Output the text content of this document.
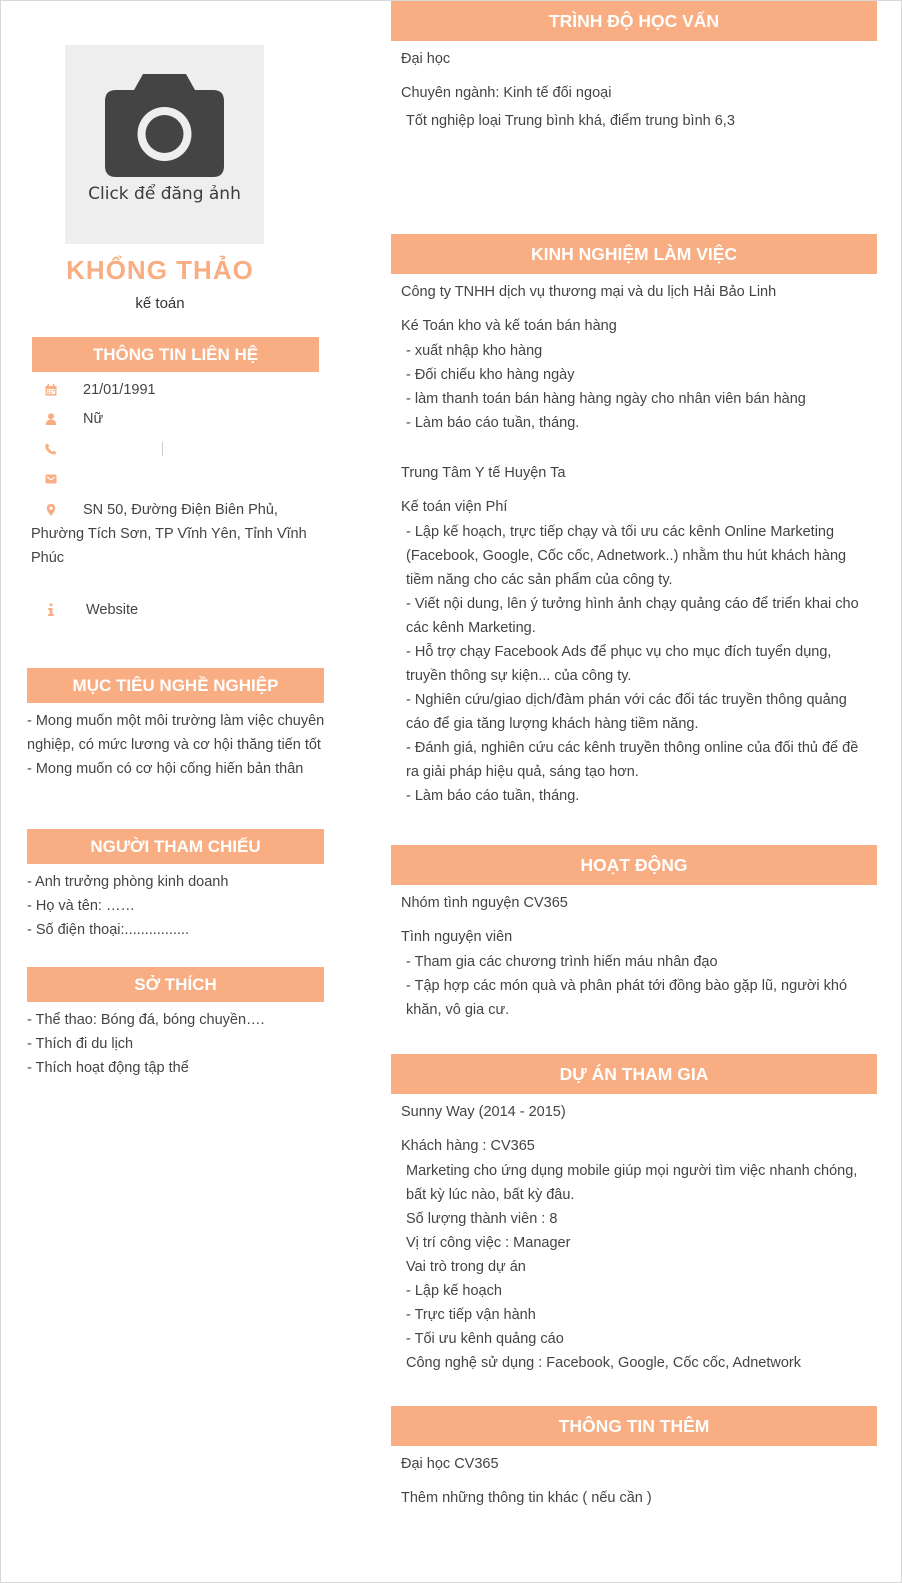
Click để đăng ảnh
KHỔNG THẢO
kế toán
THÔNG TIN LIÊN HỆ
21/01/1991
Nữ
SN 50, Đường Điện Biên Phủ, Phường Tích Sơn, TP Vĩnh Yên, Tỉnh Vĩnh Phúc
Website
MỤC TIÊU NGHỀ NGHIỆP
- Mong muốn một môi trường làm việc chuyên nghiệp, có mức lương và cơ hội thăng tiến tốt
- Mong muốn có cơ hội cống hiến bản thân
NGƯỜI THAM CHIẾU
- Anh trưởng phòng kinh doanh
- Họ và tên: ……
- Số điện thoại:................
SỞ THÍCH
- Thể thao: Bóng đá, bóng chuyền….
- Thích đi du lịch
- Thích hoạt động tập thể
TRÌNH ĐỘ HỌC VẤN
Đại học
Chuyên ngành: Kinh tế đối ngoại
Tốt nghiệp loại Trung bình khá, điểm trung bình 6,3
KINH NGHIỆM LÀM VIỆC
Công ty TNHH dịch vụ thương mại và du lịch Hải Bảo Linh
Ké Toán kho và kế toán bán hàng
- xuất nhập kho hàng
- Đối chiếu kho hàng ngày
- làm thanh toán bán hàng hàng ngày cho nhân viên bán hàng
- Làm báo cáo tuần, tháng.
Trung Tâm Y tế Huyện Ta
Kế toán viện Phí
- Lập kế hoạch, trực tiếp chạy và tối ưu các kênh Online Marketing (Facebook, Google, Cốc cốc, Adnetwork..) nhằm thu hút khách hàng tiềm năng cho các sản phẩm của công ty.
- Viết nội dung, lên ý tưởng hình ảnh chạy quảng cáo để triển khai cho các kênh Marketing.
- Hỗ trợ chạy Facebook Ads để phục vụ cho mục đích tuyển dụng, truyền thông sự kiện... của công ty.
- Nghiên cứu/giao dịch/đàm phán với các đối tác truyền thông quảng cáo để gia tăng lượng khách hàng tiềm năng.
- Đánh giá, nghiên cứu các kênh truyền thông online của đối thủ để đề ra giải pháp hiệu quả, sáng tạo hơn.
- Làm báo cáo tuần, tháng.
HOẠT ĐỘNG
Nhóm tình nguyện CV365
Tình nguyện viên
- Tham gia các chương trình hiến máu nhân đạo
- Tập hợp các món quà và phân phát tới đồng bào gặp lũ, người khó khăn, vô gia cư.
DỰ ÁN THAM GIA
Sunny Way (2014 - 2015)
Khách hàng : CV365
Marketing cho ứng dụng mobile giúp mọi người tìm việc nhanh chóng, bất kỳ lúc nào, bất kỳ đâu.
Số lượng thành viên : 8
Vị trí công việc : Manager
Vai trò trong dự án
- Lập kế hoạch
- Trực tiếp vận hành
- Tối ưu kênh quảng cáo
Công nghệ sử dụng : Facebook, Google, Cốc cốc, Adnetwork
THÔNG TIN THÊM
Đại học CV365
Thêm những thông tin khác ( nếu cần )
